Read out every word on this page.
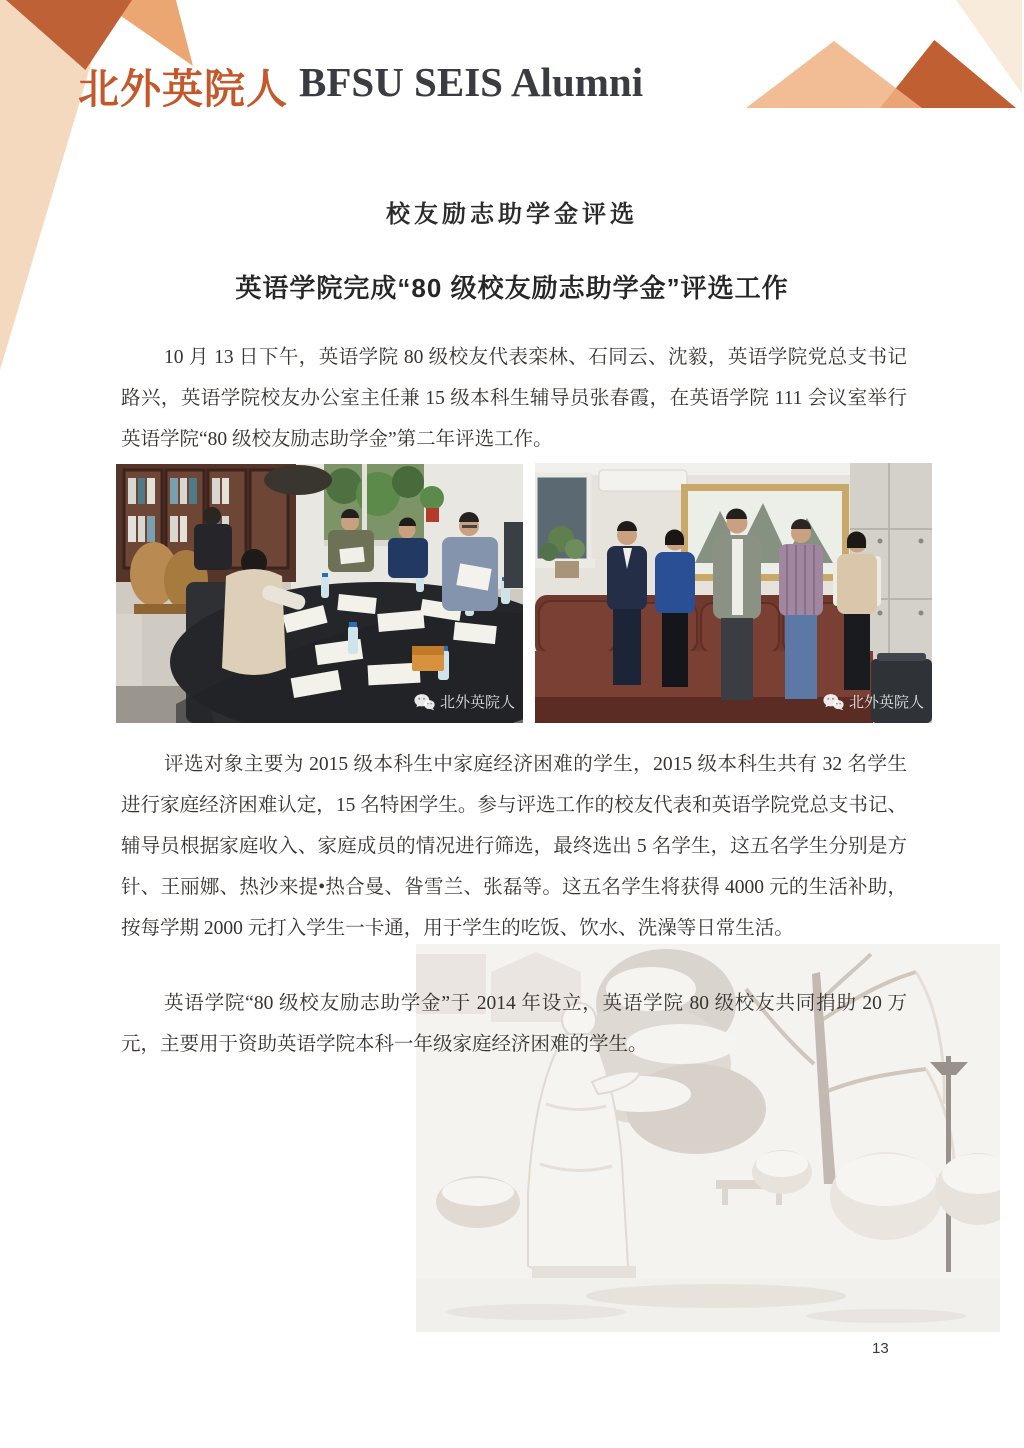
北外英院人 BFSU SEIS Alumni
校友励志助学金评选
英语学院完成“80 级校友励志助学金”评选工作

10 月 13 日下午，英语学院 80 级校友代表栾林、石同云、沈毅，英语学院党总支书记路兴，英语学院校友办公室主任兼 15 级本科生辅导员张春霞，在英语学院 111 会议室举行英语学院“80 级校友励志助学金”第二年评选工作。

北外英院人	北外英院人

评选对象主要为 2015 级本科生中家庭经济困难的学生，2015 级本科生共有 32 名学生进行家庭经济困难认定，15 名特困学生。参与评选工作的校友代表和英语学院党总支书记、辅导员根据家庭收入、家庭成员的情况进行筛选，最终选出 5 名学生，这五名学生分别是方针、王丽娜、热沙来提•热合曼、昝雪兰、张磊等。这五名学生将获得 4000 元的生活补助，按每学期 2000 元打入学生一卡通，用于学生的吃饭、饮水、洗澡等日常生活。

英语学院“80 级校友励志助学金”于 2014 年设立，英语学院 80 级校友共同捐助 20 万元，主要用于资助英语学院本科一年级家庭经济困难的学生。

13
